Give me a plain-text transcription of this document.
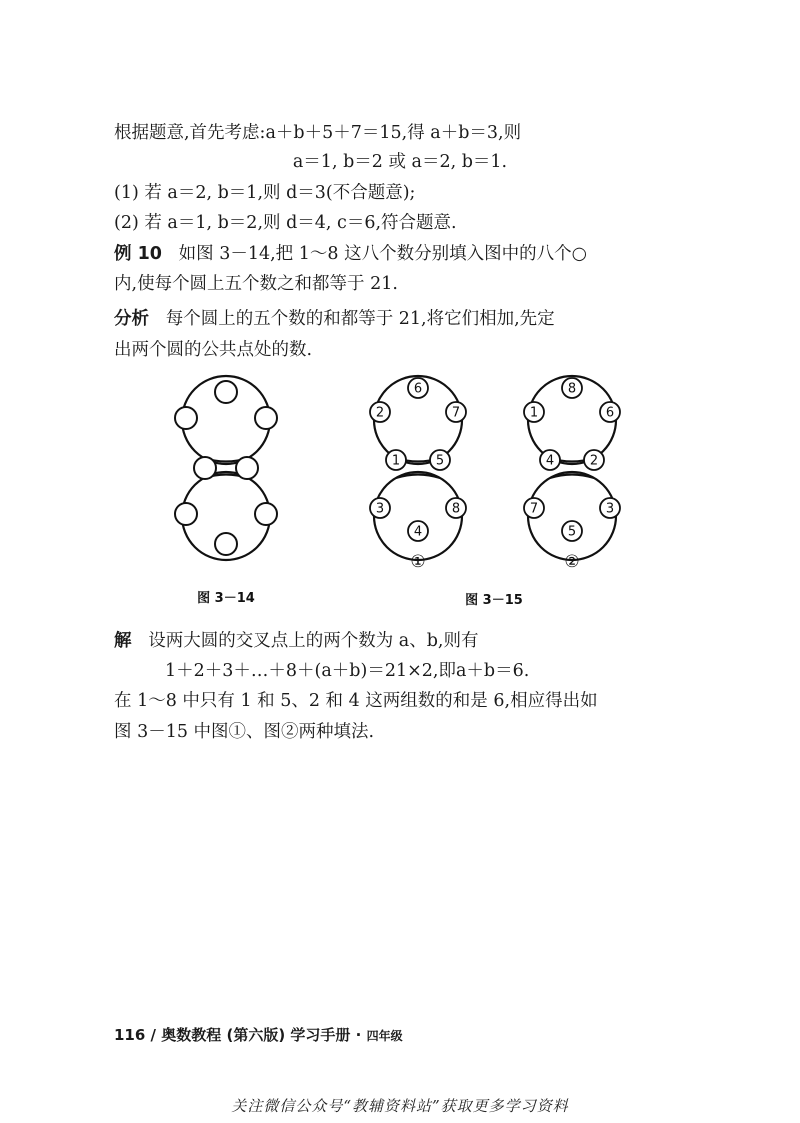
根据题意,首先考虑:a＋b＋5＋7＝15,得 a＋b＝3,则
a＝1, b＝2 或 a＝2, b＝1.
(1) 若 a＝2, b＝1,则 d＝3(不合题意);
(2) 若 a＝1, b＝2,则 d＝4, c＝6,符合题意.
例 10 如图 3－14,把 1～8 这八个数分别填入图中的八个○
内,使每个圆上五个数之和都等于 21.
分析 每个圆上的五个数的和都等于 21,将它们相加,先定
出两个圆的公共点处的数.
6
2	7
1	5
3	8
4
①
8
1	6
4	2
7	3
5
②
图 3－14	图 3－15
解 设两大圆的交叉点上的两个数为 a、b,则有
1＋2＋3＋…＋8＋(a＋b)＝21×2,即a＋b＝6.
在 1～8 中只有 1 和 5、2 和 4 这两组数的和是 6,相应得出如
图 3－15 中图①、图②两种填法.
116 / 奥数教程 (第六版) 学习手册 · 四年级
关注微信公众号“教辅资料站”获取更多学习资料
